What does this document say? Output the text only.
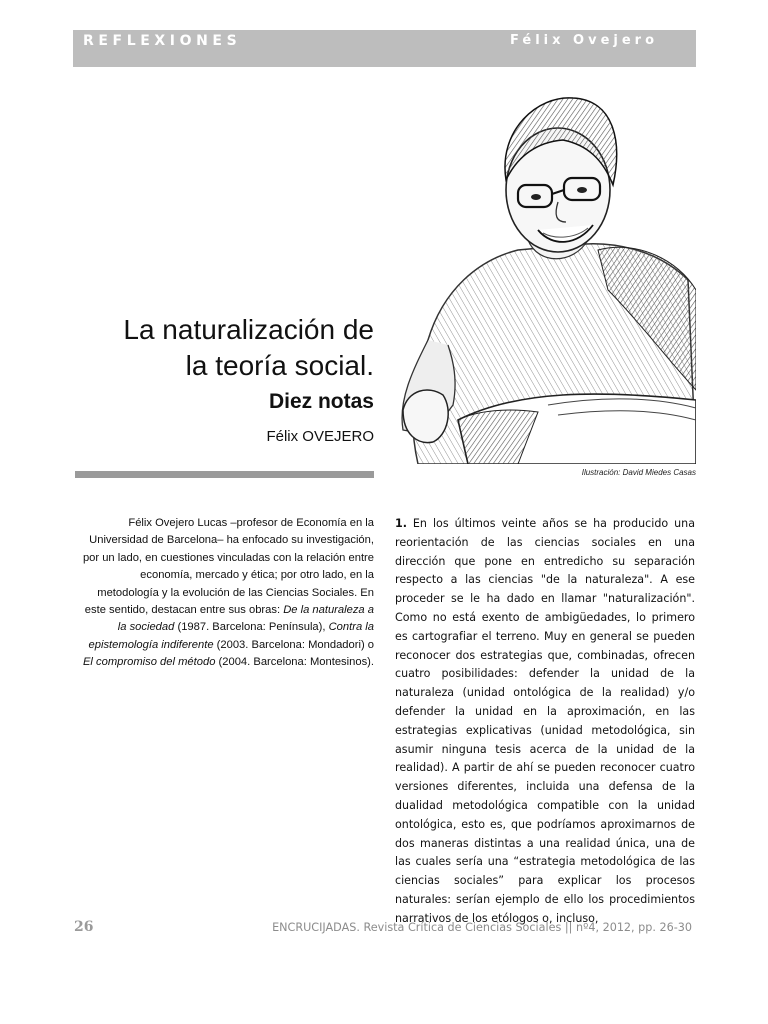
REFLEXIONES	Félix Ovejero
La naturalización de
la teoría social.
Diez notas

Félix OVEJERO

Ilustración: David Miedes Casas

Félix Ovejero Lucas –profesor de Economía en la Universidad de Barcelona– ha enfocado su investigación, por un lado, en cuestiones vinculadas con la relación entre economía, mercado y ética; por otro lado, en la metodología y la evolución de las Ciencias Sociales. En este sentido, destacan entre sus obras: De la naturaleza a la sociedad (1987. Barcelona: Península), Contra la epistemología indiferente (2003. Barcelona: Mondadori) o El compromiso del método (2004. Barcelona: Montesinos).

1. En los últimos veinte años se ha producido una reorientación de las ciencias sociales en una dirección que pone en entredicho su separación respecto a las ciencias "de la naturaleza". A ese proceder se le ha dado en llamar "naturalización". Como no está exento de ambigüedades, lo primero es cartografiar el terreno. Muy en general se pueden reconocer dos estrategias que, combinadas, ofrecen cuatro posibilidades: defender la unidad de la naturaleza (unidad ontológica de la realidad) y/o defender la unidad en la aproximación, en las estrategias explicativas (unidad metodológica, sin asumir ninguna tesis acerca de la unidad de la realidad). A partir de ahí se pueden reconocer cuatro versiones diferentes, incluida una defensa de la dualidad metodológica compatible con la unidad ontológica, esto es, que podríamos aproximarnos de dos maneras distintas a una realidad única, una de las cuales sería una “estrategia metodológica de las ciencias sociales” para explicar los procesos naturales: serían ejemplo de ello los procedimientos narrativos de los etólogos o, incluso,

26	ENCRUCIJADAS. Revista Crítica de Ciencias Sociales || nº4, 2012, pp. 26-30
